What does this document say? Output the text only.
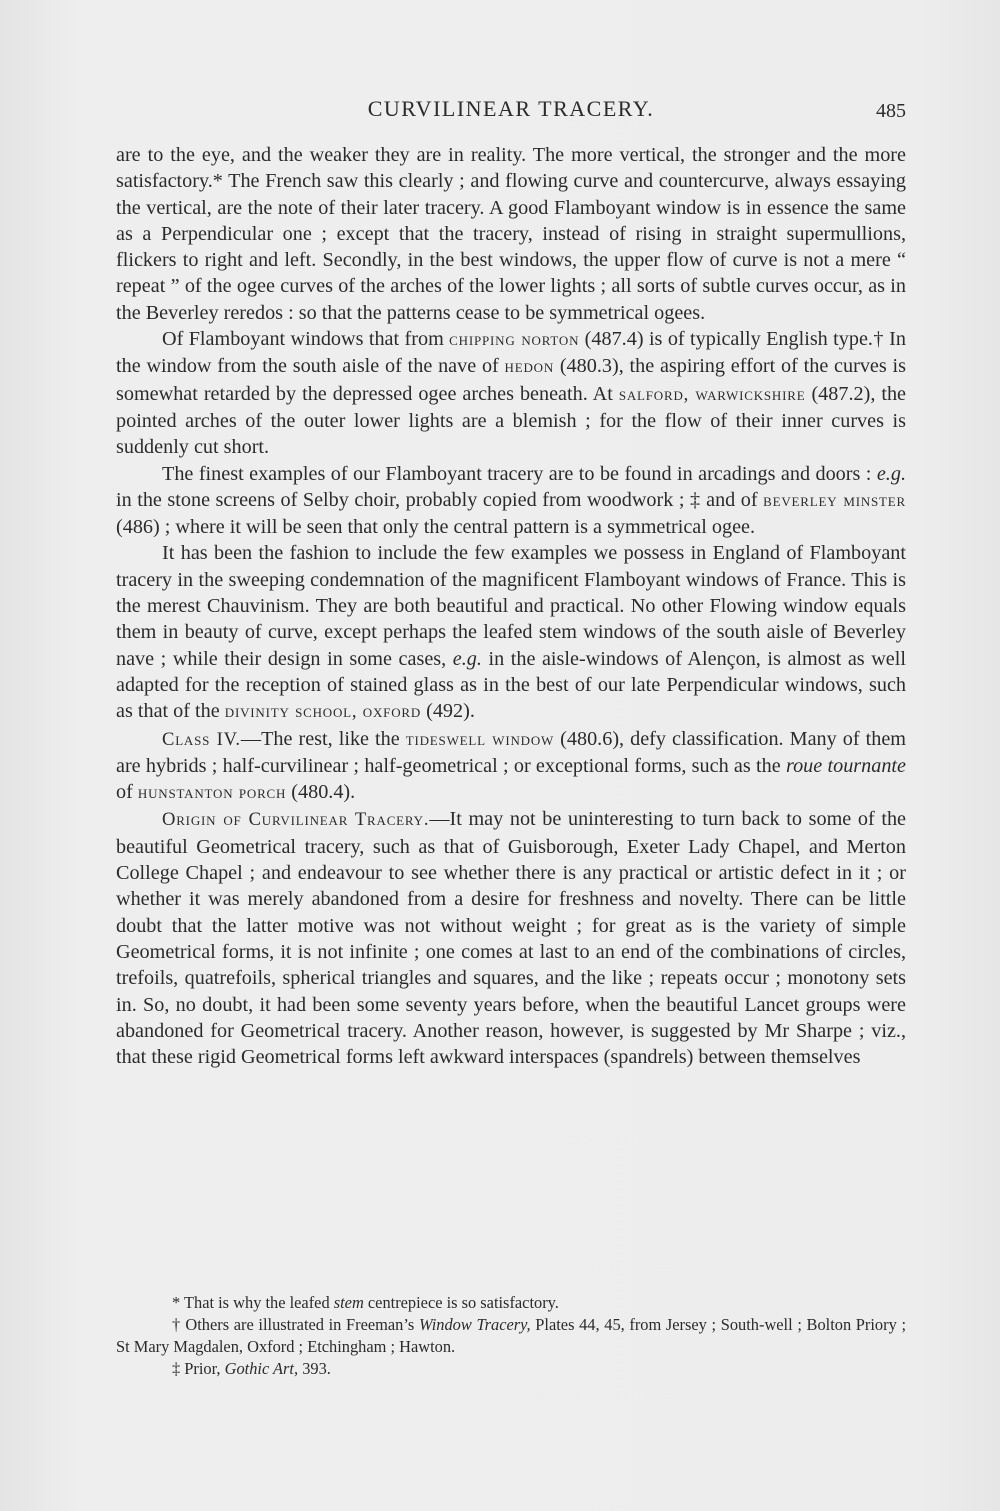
CURVILINEAR TRACERY.	485

are to the eye, and the weaker they are in reality. The more vertical, the stronger and the more satisfactory.* The French saw this clearly ; and flowing curve and countercurve, always essaying the vertical, are the note of their later tracery. A good Flamboyant window is in essence the same as a Perpendicular one ; except that the tracery, instead of rising in straight supermullions, flickers to right and left. Secondly, in the best windows, the upper flow of curve is not a mere “ repeat ” of the ogee curves of the arches of the lower lights ; all sorts of subtle curves occur, as in the Beverley reredos : so that the patterns cease to be symmetrical ogees.

Of Flamboyant windows that from chipping norton (487.4) is of typically English type.† In the window from the south aisle of the nave of hedon (480.3), the aspiring effort of the curves is somewhat retarded by the depressed ogee arches beneath. At salford, warwickshire (487.2), the pointed arches of the outer lower lights are a blemish ; for the flow of their inner curves is suddenly cut short.

The finest examples of our Flamboyant tracery are to be found in arcadings and doors : e.g. in the stone screens of Selby choir, probably copied from woodwork ; ‡ and of beverley minster (486) ; where it will be seen that only the central pattern is a symmetrical ogee.

It has been the fashion to include the few examples we possess in England of Flamboyant tracery in the sweeping condemnation of the magnificent Flamboyant windows of France. This is the merest Chauvinism. They are both beautiful and practical. No other Flowing window equals them in beauty of curve, except perhaps the leafed stem windows of the south aisle of Beverley nave ; while their design in some cases, e.g. in the aisle-windows of Alençon, is almost as well adapted for the reception of stained glass as in the best of our late Perpendicular windows, such as that of the divinity school, oxford (492).

Class IV.—The rest, like the tideswell window (480.6), defy classification. Many of them are hybrids ; half-curvilinear ; half-geometrical ; or exceptional forms, such as the roue tournante of hunstanton porch (480.4).

Origin of Curvilinear Tracery.—It may not be uninteresting to turn back to some of the beautiful Geometrical tracery, such as that of Guisborough, Exeter Lady Chapel, and Merton College Chapel ; and endeavour to see whether there is any practical or artistic defect in it ; or whether it was merely abandoned from a desire for freshness and novelty. There can be little doubt that the latter motive was not without weight ; for great as is the variety of simple Geometrical forms, it is not infinite ; one comes at last to an end of the combinations of circles, trefoils, quatrefoils, spherical triangles and squares, and the like ; repeats occur ; monotony sets in. So, no doubt, it had been some seventy years before, when the beautiful Lancet groups were abandoned for Geometrical tracery. Another reason, however, is suggested by Mr Sharpe ; viz., that these rigid Geometrical forms left awkward interspaces (spandrels) between themselves

* That is why the leafed stem centrepiece is so satisfactory.

† Others are illustrated in Freeman’s Window Tracery, Plates 44, 45, from Jersey ; South-well ; Bolton Priory ; St Mary Magdalen, Oxford ; Etchingham ; Hawton.

‡ Prior, Gothic Art, 393.
